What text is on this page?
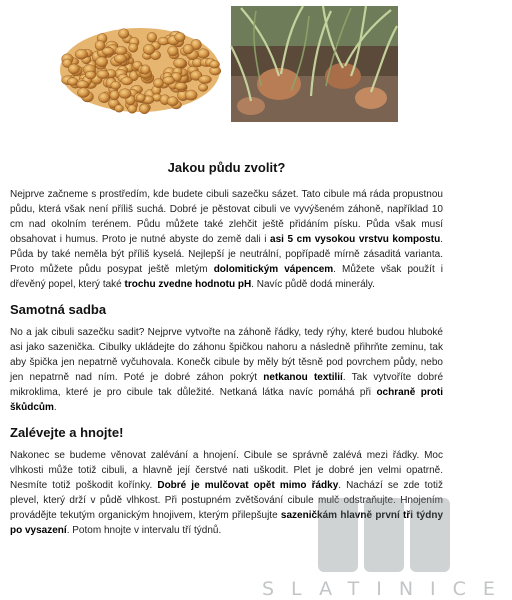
Jakou půdu zvolit?

Nejprve začneme s prostředím, kde budete cibuli sazečku sázet. Tato cibule má ráda propustnou půdu, která však není příliš suchá. Dobré je pěstovat cibuli ve vyvýšeném záhoně, například 10 cm nad okolním terénem. Půdu můžete také zlehčit ještě přidáním písku. Půda však musí obsahovat i humus. Proto je nutné abyste do země dali i asi 5 cm vysokou vrstvu kompostu. Půda by také neměla být příliš kyselá. Nejlepší je neutrální, popřípadě mírně zásaditá varianta. Proto můžete půdu posypat ještě mletým dolomitickým vápencem. Můžete však použít i dřevěný popel, který také trochu zvedne hodnotu pH. Navíc půdě dodá minerály.

Samotná sadba

No a jak cibuli sazečku sadit? Nejprve vytvořte na záhoně řádky, tedy rýhy, které budou hluboké asi jako sazenička. Cibulky ukládejte do záhonu špičkou nahoru a následně přihrňte zeminu, tak aby špička jen nepatrně vyčuhovala. Konečk cibule by měly být těsně pod povrchem půdy, nebo jen nepatrně nad ním. Poté je dobré záhon pokrýt netkanou textilií. Tak vytvoříte dobré mikroklima, které je pro cibule tak důležité. Netkaná látka navíc pomáhá při ochraně proti škůdcům.

Zalévejte a hnojte!

Nakonec se budeme věnovat zalévání a hnojení. Cibule se správně zalévá mezi řádky. Moc vlhkosti může totiž cibuli, a hlavně její čerstvé nati uškodit. Plet je dobré jen velmi opatrně. Nesmíte totiž poškodit kořínky. Dobré je mulčovat opět mimo řádky. Nachází se zde totiž plevel, který drží v půdě vlhkost. Při postupném zvětšování cibule mulč odstraňujte. Hnojením provádějte tekutým organickým hnojivem, kterým přilepšujte sazeničkám hlavně první tři týdny po vysazení. Potom hnojte v intervalu tří týdnů.

SLATINICE
